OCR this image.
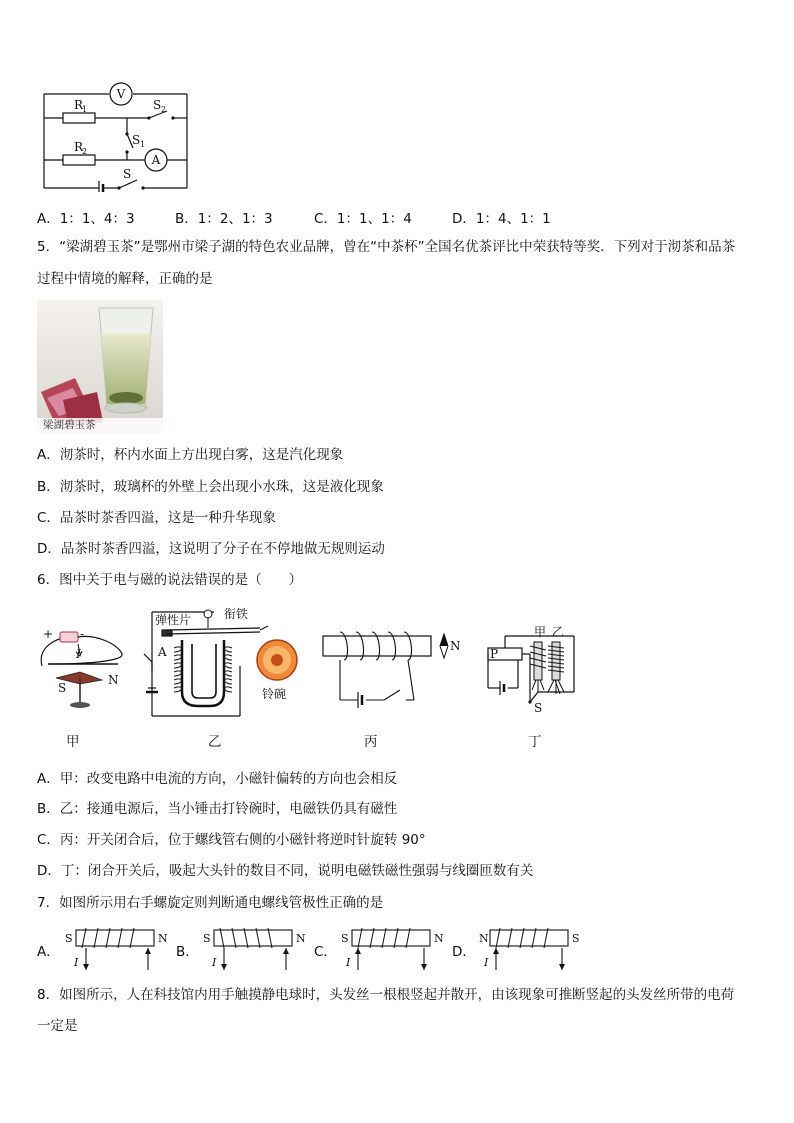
V
A
R
1
R
2
S 2
S 1
S
A．1：1、4：3	B．1：2、1：3	C．1：1、1：4	D．1：4、1：1
5．“梁湖碧玉茶”是鄂州市梁子湖的特色农业品牌，曾在“中茶杯”全国名优茶评比中荣获特等奖．下列对于沏茶和品茶
过程中情境的解释，正确的是
梁湖碧玉茶
A．沏茶时，杯内水面上方出现白雾，这是汽化现象
B．沏茶时，玻璃杯的外壁上会出现小水珠，这是液化现象
C．品茶时茶香四溢，这是一种升华现象
D．品茶时茶香四溢，这说明了分子在不停地做无规则运动
6．图中关于电与磁的说法错误的是（　　）
+ -
I
S
N
弹性片	衔铁
A
铃碗
N
P
甲 乙
S
甲	乙	丙	丁
A．甲：改变电路中电流的方向，小磁针偏转的方向也会相反
B．乙：接通电源后，当小锤击打铃碗时，电磁铁仍具有磁性
C．丙：开关闭合后，位于螺线管右侧的小磁针将逆时针旋转 90°
D．丁：闭合开关后，吸起大头针的数目不同，说明电磁铁磁性强弱与线圈匝数有关
7．如图所示用右手螺旋定则判断通电螺线管极性正确的是
A．
S	N
I
B．
S	N
I
C．
S	N
I
D．
N	S
I
8．如图所示，人在科技馆内用手触摸静电球时，头发丝一根根竖起并散开，由该现象可推断竖起的头发丝所带的电荷
一定是
